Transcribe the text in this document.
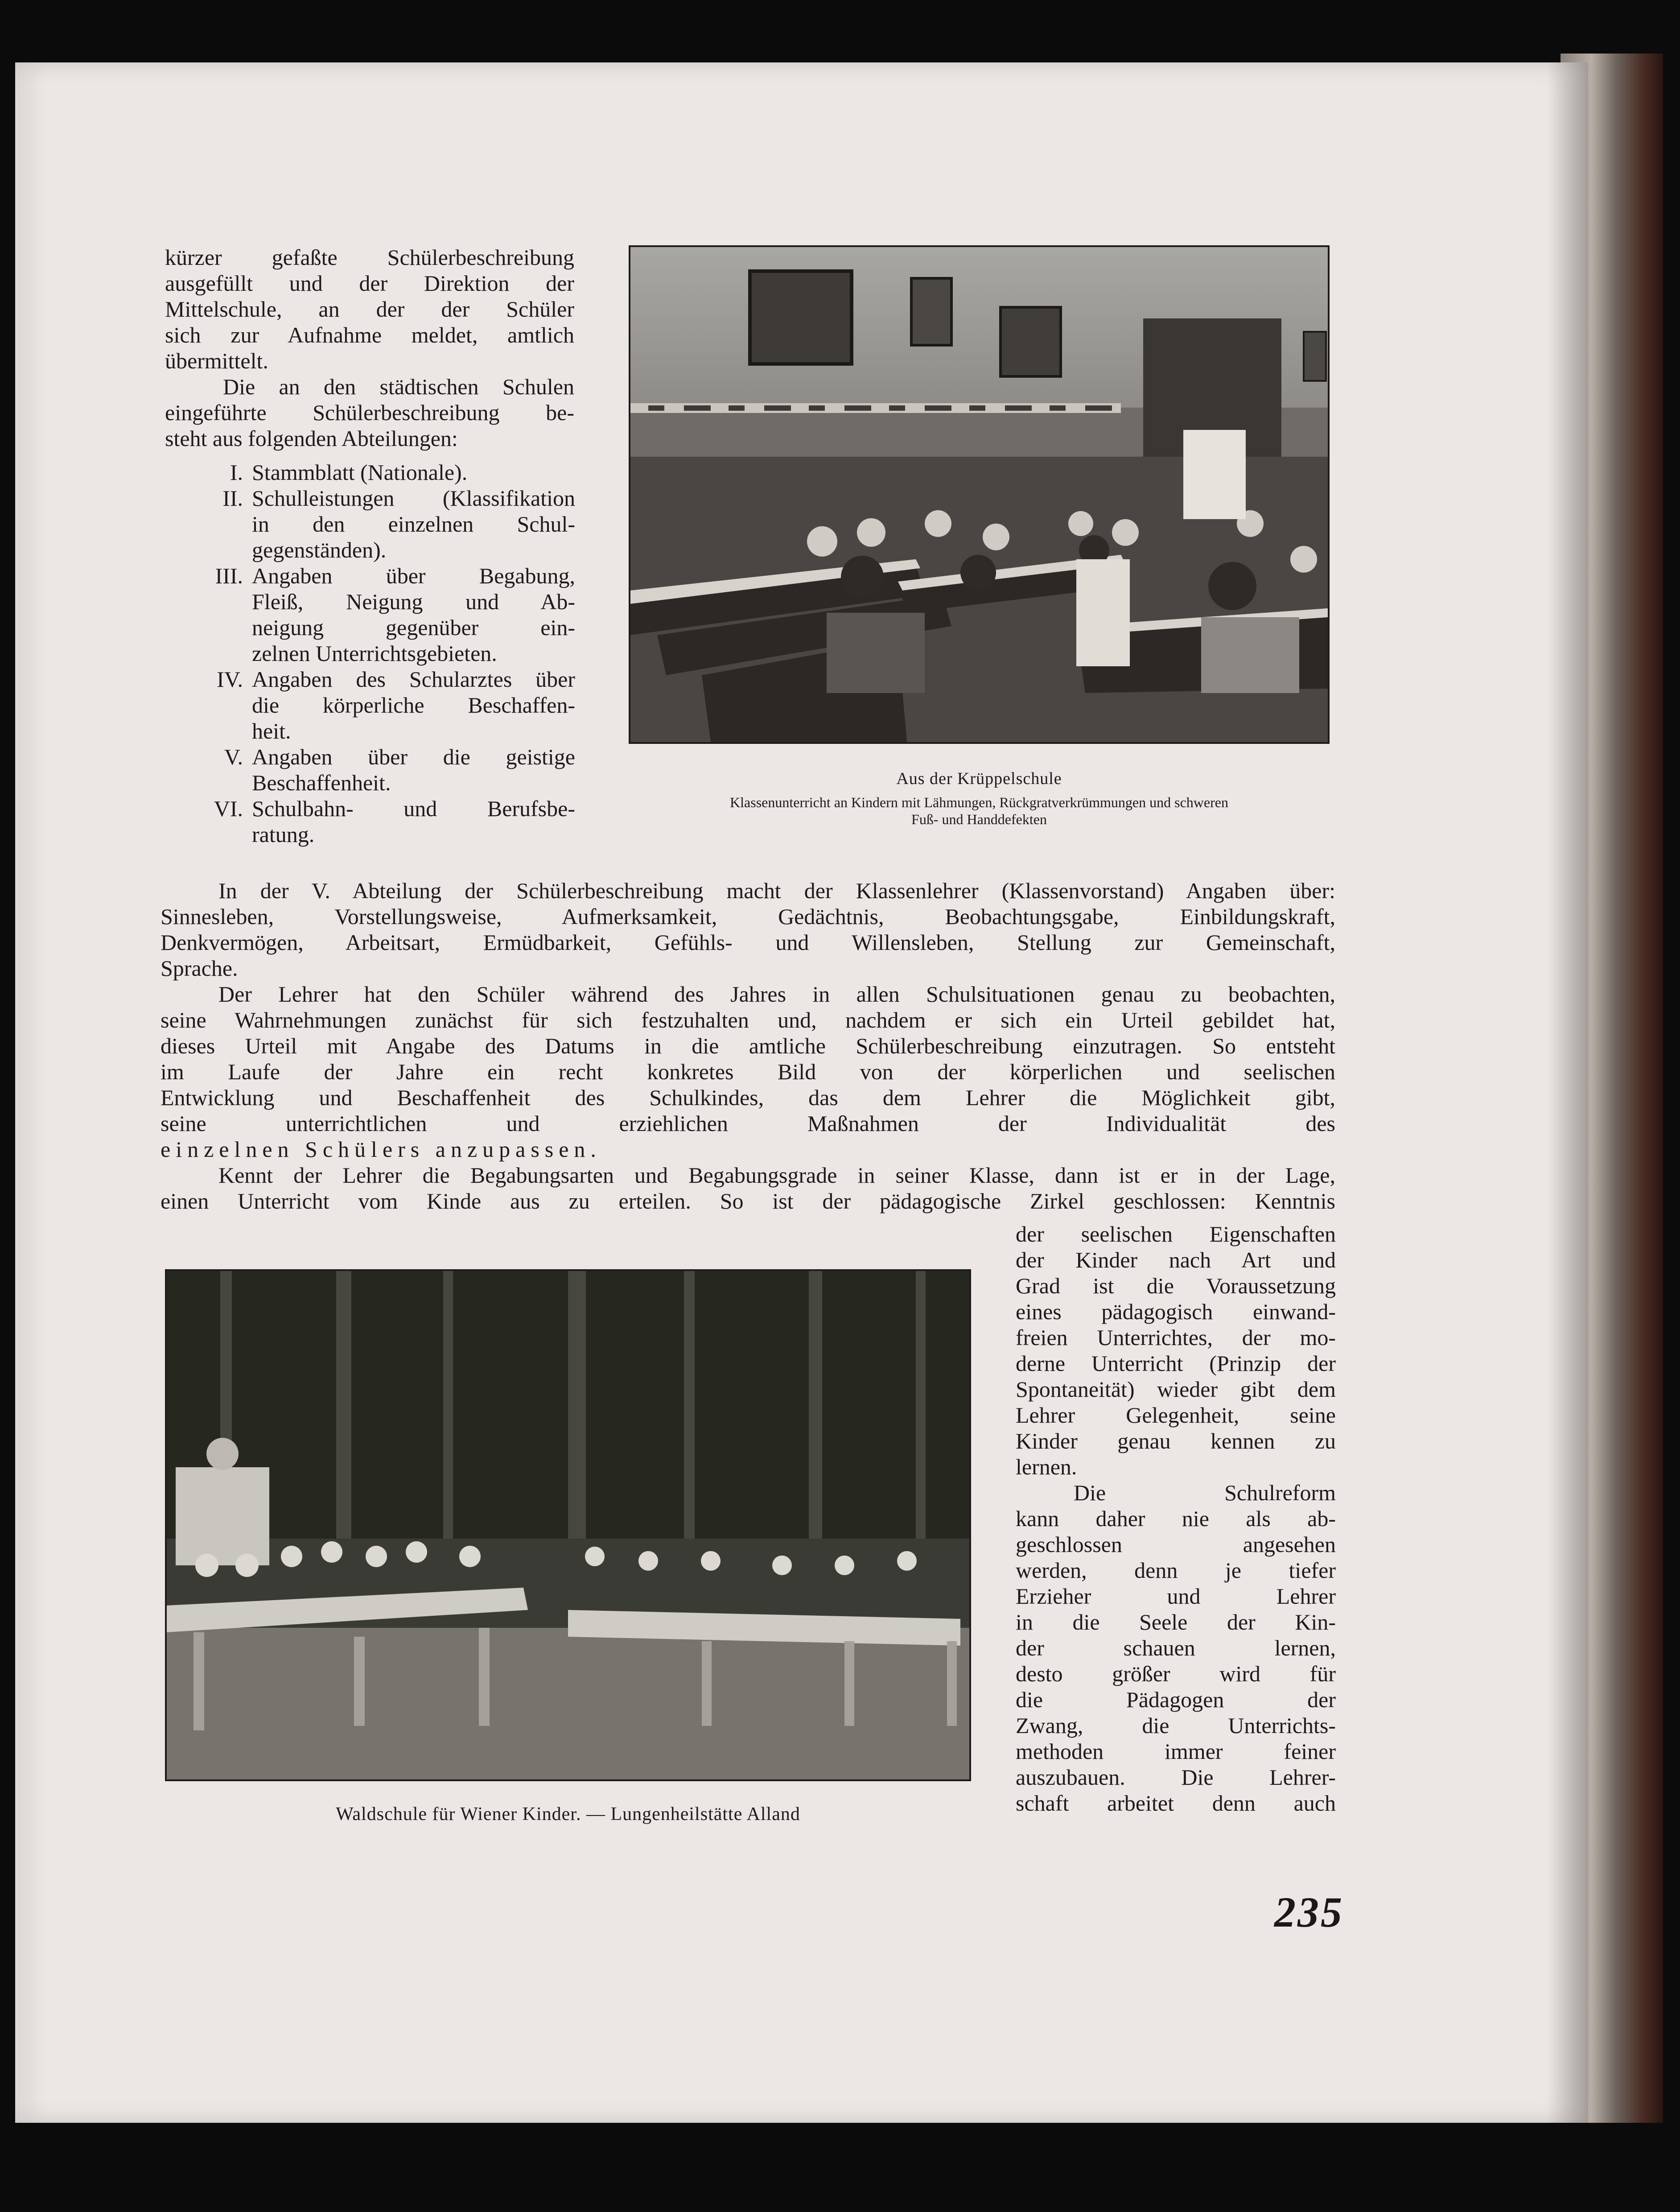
kürzer gefaßte Schülerbeschreibung
ausgefüllt und der Direktion der
Mittelschule, an der der Schüler
sich zur Aufnahme meldet, amtlich
übermittelt.
Die an den städtischen Schulen
eingeführte Schülerbeschreibung be-
steht aus folgenden Abteilungen:
I. Stammblatt (Nationale).
II. Schulleistungen (Klassifikation
in den einzelnen Schul-
gegenständen).
III. Angaben über Begabung,
Fleiß, Neigung und Ab-
neigung gegenüber ein-
zelnen Unterrichtsgebieten.
IV. Angaben des Schularztes über
die körperliche Beschaffen-
heit.
V. Angaben über die geistige
Beschaffenheit.
VI. Schulbahn- und Berufsbe-
ratung.
Aus der Krüppelschule
Klassenunterricht an Kindern mit Lähmungen, Rückgratverkrümmungen und schweren
Fuß- und Handdefekten
In der V. Abteilung der Schülerbeschreibung macht der Klassenlehrer (Klassenvorstand) Angaben über:
Sinnesleben, Vorstellungsweise, Aufmerksamkeit, Gedächtnis, Beobachtungsgabe, Einbildungskraft,
Denkvermögen, Arbeitsart, Ermüdbarkeit, Gefühls- und Willensleben, Stellung zur Gemeinschaft,
Sprache.
Der Lehrer hat den Schüler während des Jahres in allen Schulsituationen genau zu beobachten,
seine Wahrnehmungen zunächst für sich festzuhalten und, nachdem er sich ein Urteil gebildet hat,
dieses Urteil mit Angabe des Datums in die amtliche Schülerbeschreibung einzutragen. So entsteht
im Laufe der Jahre ein recht konkretes Bild von der körperlichen und seelischen
Entwicklung und Beschaffenheit des Schulkindes, das dem Lehrer die Möglichkeit gibt,
seine unterrichtlichen und erziehlichen Maßnahmen der Individualität des
einzelnen Schülers anzupassen.
Kennt der Lehrer die Begabungsarten und Begabungsgrade in seiner Klasse, dann ist er in der Lage,
einen Unterricht vom Kinde aus zu erteilen. So ist der pädagogische Zirkel geschlossen: Kenntnis
der seelischen Eigenschaften
der Kinder nach Art und
Grad ist die Voraussetzung
eines pädagogisch einwand-
freien Unterrichtes, der mo-
derne Unterricht (Prinzip der
Spontaneität) wieder gibt dem
Lehrer Gelegenheit, seine
Kinder genau kennen zu
lernen.
Die Schulreform
kann daher nie als ab-
geschlossen angesehen
werden, denn je tiefer
Erzieher und Lehrer
in die Seele der Kin-
der schauen lernen,
desto größer wird für
die Pädagogen der
Zwang, die Unterrichts-
methoden immer feiner
auszubauen. Die Lehrer-
schaft arbeitet denn auch
Waldschule für Wiener Kinder. — Lungenheilstätte Alland
235
